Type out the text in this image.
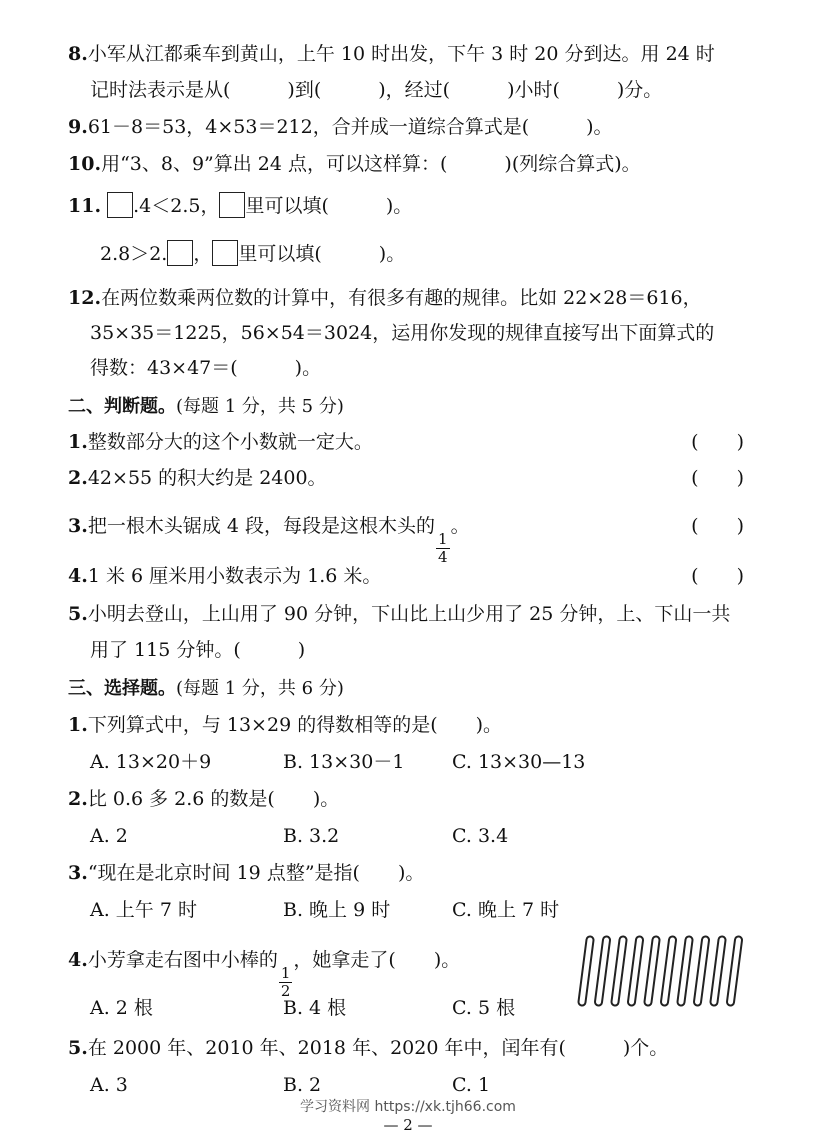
8.小军从江都乘车到黄山，上午 10 时出发，下午 3 时 20 分到达。用 24 时
记时法表示是从(　　　)到(　　　)，经过(　　　)小时(　　　)分。
9.61－8＝53，4×53＝212，合并成一道综合算式是(　　　)。
10.用“3、8、9”算出 24 点，可以这样算：(　　　)(列综合算式)。
11. .4＜2.5， 里可以填(　　　)。
2.8＞2. ， 里可以填(　　　)。
12.在两位数乘两位数的计算中，有很多有趣的规律。比如 22×28＝616，
35×35＝1225，56×54＝3024，运用你发现的规律直接写出下面算式的
得数：43×47＝(　　　)。
二、判断题。(每题 1 分，共 5 分)
1.整数部分大的这个小数就一定大。	(　　)
2.42×55 的积大约是 2400。	(　　)
3.把一根木头锯成 4 段，每段是这根木头的
$\frac{1}{4}$
。	(　　)
4.1 米 6 厘米用小数表示为 1.6 米。	(　　)
5.小明去登山，上山用了 90 分钟，下山比上山少用了 25 分钟，上、下山一共
用了 115 分钟。(　　　)
三、选择题。(每题 1 分，共 6 分)
1.下列算式中，与 13×29 的得数相等的是(　　)。
A. 13×20＋9	B. 13×30－1	C. 13×30—13
2.比 0.6 多 2.6 的数是(　　)。
A. 2	B. 3.2	C. 3.4
3.“现在是北京时间 19 点整”是指(　　)。
A. 上午 7 时	B. 晚上 9 时	C. 晚上 7 时
4.小芳拿走右图中小棒的
$\frac{1}{2}$
，她拿走了(　　)。
A. 2 根	B. 4 根	C. 5 根
5.在 2000 年、2010 年、2018 年、2020 年中，闰年有(　　　)个。
A. 3	B. 2	C. 1
学习资料网 https://xk.tjh66.com
— 2 —
